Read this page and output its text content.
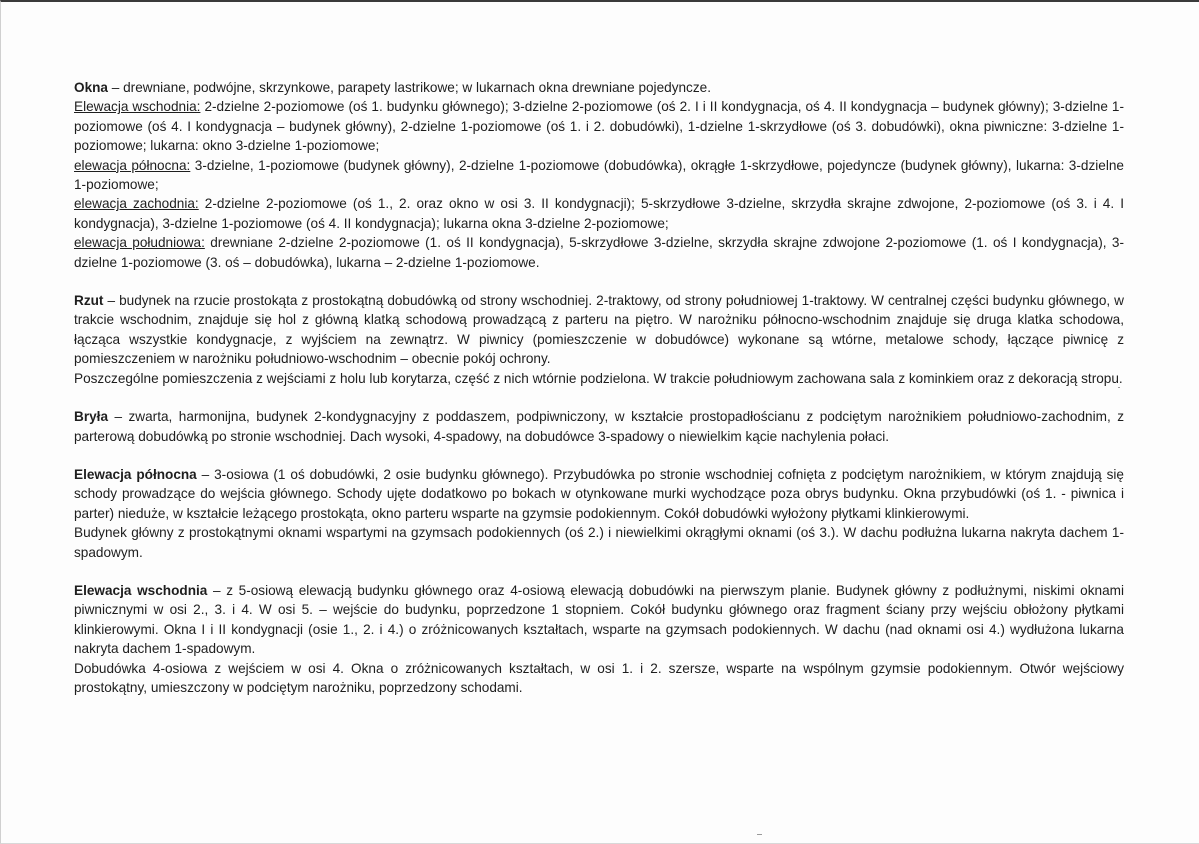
Okna – drewniane, podwójne, skrzynkowe, parapety lastrikowe; w lukarnach okna drewniane pojedyncze.

Elewacja wschodnia: 2-dzielne 2-poziomowe (oś 1. budynku głównego); 3-dzielne 2-poziomowe (oś 2. I i II kondygnacja, oś 4. II kondygnacja – budynek główny); 3-dzielne 1-poziomowe (oś 4. I kondygnacja – budynek główny), 2-dzielne 1-poziomowe (oś 1. i 2. dobudówki), 1-dzielne 1-skrzydłowe (oś 3. dobudówki), okna piwniczne: 3-dzielne 1-poziomowe; lukarna: okno 3-dzielne 1-poziomowe;

elewacja północna: 3-dzielne, 1-poziomowe (budynek główny), 2-dzielne 1-poziomowe (dobudówka), okrągłe 1-skrzydłowe, pojedyncze (budynek główny), lukarna: 3-dzielne 1-poziomowe;

elewacja zachodnia: 2-dzielne 2-poziomowe (oś 1., 2. oraz okno w osi 3. II kondygnacji); 5-skrzydłowe 3-dzielne, skrzydła skrajne zdwojone, 2-poziomowe (oś 3. i 4. I kondygnacja), 3-dzielne 1-poziomowe (oś 4. II kondygnacja); lukarna okna 3-dzielne 2-poziomowe;

elewacja południowa: drewniane 2-dzielne 2-poziomowe (1. oś II kondygnacja), 5-skrzydłowe 3-dzielne, skrzydła skrajne zdwojone 2-poziomowe (1. oś I kondygnacja), 3-dzielne 1-poziomowe (3. oś – dobudówka), lukarna – 2-dzielne 1-poziomowe.

Rzut – budynek na rzucie prostokąta z prostokątną dobudówką od strony wschodniej. 2-traktowy, od strony południowej 1-traktowy. W centralnej części budynku głównego, w trakcie wschodnim, znajduje się hol z główną klatką schodową prowadzącą z parteru na piętro. W narożniku północno-wschodnim znajduje się druga klatka schodowa, łącząca wszystkie kondygnacje, z wyjściem na zewnątrz. W piwnicy (pomieszczenie w dobudówce) wykonane są wtórne, metalowe schody, łączące piwnicę z pomieszczeniem w narożniku południowo-wschodnim – obecnie pokój ochrony.

Poszczególne pomieszczenia z wejściami z holu lub korytarza, część z nich wtórnie podzielona. W trakcie południowym zachowana sala z kominkiem oraz z dekoracją stropu.

Bryła – zwarta, harmonijna, budynek 2-kondygnacyjny z poddaszem, podpiwniczony, w kształcie prostopadłościanu z podciętym narożnikiem południowo-zachodnim, z parterową dobudówką po stronie wschodniej. Dach wysoki, 4-spadowy, na dobudówce 3-spadowy o niewielkim kącie nachylenia połaci.

Elewacja północna – 3-osiowa (1 oś dobudówki, 2 osie budynku głównego). Przybudówka po stronie wschodniej cofnięta z podciętym narożnikiem, w którym znajdują się schody prowadzące do wejścia głównego. Schody ujęte dodatkowo po bokach w otynkowane murki wychodzące poza obrys budynku. Okna przybudówki (oś 1. - piwnica i parter) nieduże, w kształcie leżącego prostokąta, okno parteru wsparte na gzymsie podokiennym. Cokół dobudówki wyłożony płytkami klinkierowymi.

Budynek główny z prostokątnymi oknami wspartymi na gzymsach podokiennych (oś 2.) i niewielkimi okrągłymi oknami (oś 3.). W dachu podłużna lukarna nakryta dachem 1-spadowym.

Elewacja wschodnia – z 5-osiową elewacją budynku głównego oraz 4-osiową elewacją dobudówki na pierwszym planie. Budynek główny z podłużnymi, niskimi oknami piwnicznymi w osi 2., 3. i 4. W osi 5. – wejście do budynku, poprzedzone 1 stopniem. Cokół budynku głównego oraz fragment ściany przy wejściu obłożony płytkami klinkierowymi. Okna I i II kondygnacji (osie 1., 2. i 4.) o zróżnicowanych kształtach, wsparte na gzymsach podokiennych. W dachu (nad oknami osi 4.) wydłużona lukarna nakryta dachem 1-spadowym.

Dobudówka 4-osiowa z wejściem w osi 4. Okna o zróżnicowanych kształtach, w osi 1. i 2. szersze, wsparte na wspólnym gzymsie podokiennym. Otwór wejściowy prostokątny, umieszczony w podciętym narożniku, poprzedzony schodami.
